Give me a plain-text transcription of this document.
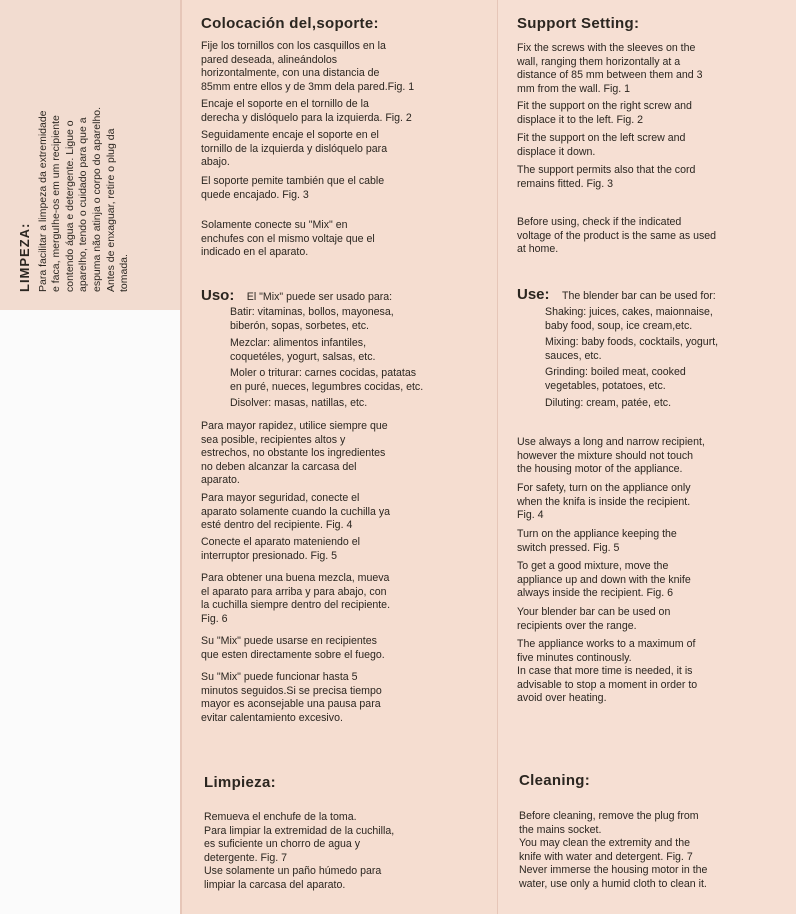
LIMPEZA: Para facilitar a limpeza da extremidade
e faca, merguIhe-os em um recipiente
contendo água e detergente. Ligue o
aparelho, tendo o cuidado para que a
espuma não atinja o corpo do aparelho.
Antes de enxaguar, retire o plug da
tomada.

Colocación del,soporte:
Fije los tornillos con los casquillos en la
pared deseada, alineándolos
horizontalmente, con una distancia de
85mm entre ellos y de 3mm dela pared.Fig. 1
Encaje el soporte en el tornillo de la
derecha y dislóquelo para la izquierda. Fig. 2
Seguidamente encaje el soporte en el
tornillo de la izquierda y dislóquelo para
abajo.
El soporte pemite también que el cable
quede encajado. Fig. 3
Solamente conecte su "Mix" en
enchufes con el mismo voltaje que el
indicado en el aparato.
Uso: El "Mix" puede ser usado para:
Batir: vitaminas, bollos, mayonesa,
biberón, sopas, sorbetes, etc.
Mezclar: alimentos infantiles,
coquetéles, yogurt, salsas, etc.
Moler o triturar: carnes cocidas, patatas
en puré, nueces, legumbres cocidas, etc.
Disolver: masas, natillas, etc.
Para mayor rapidez, utilice siempre que
sea posible, recipientes altos y
estrechos, no obstante los ingredientes
no deben alcanzar la carcasa del
aparato.
Para mayor seguridad, conecte el
aparato solamente cuando la cuchilla ya
esté dentro del recipiente. Fig. 4
Conecte el aparato mateniendo el
interruptor presionado. Fig. 5
Para obtener una buena mezcla, mueva
el aparato para arriba y para abajo, con
la cuchilla siempre dentro del recipiente.
Fig. 6
Su "Mix" puede usarse en recipientes
que esten directamente sobre el fuego.
Su "Mix" puede funcionar hasta 5
minutos seguidos.Si se precisa tiempo
mayor es aconsejable una pausa para
evitar calentamiento excesivo.
Limpieza:
Remueva el enchufe de la toma.
Para limpiar la extremidad de la cuchilla,
es suficiente un chorro de agua y
detergente. Fig. 7
Use solamente un paño húmedo para
limpiar la carcasa del aparato.
Support Setting:
Fix the screws with the sleeves on the
wall, ranging them horizontally at a
distance of 85 mm between them and 3
mm from the wall. Fig. 1
Fit the support on the right screw and
displace it to the left. Fig. 2
Fit the support on the left screw and
displace it down.
The support permits also that the cord
remains fitted. Fig. 3
Before using, check if the indicated
voltage of the product is the same as used
at home.
Use: The blender bar can be used for:
Shaking: juices, cakes, maionnaise,
baby food, soup, ice cream,etc.
Mixing: baby foods, cocktails, yogurt,
sauces, etc.
Grinding: boiled meat, cooked
vegetables, potatoes, etc.
Diluting: cream, patée, etc.
Use always a long and narrow recipient,
however the mixture should not touch
the housing motor of the appliance.
For safety, turn on the appliance only
when the knifa is inside the recipient.
Fig. 4
Turn on the appliance keeping the
switch pressed. Fig. 5
To get a good mixture, move the
appliance up and down with the knife
always inside the recipient. Fig. 6
Your blender bar can be used on
recipients over the range.
The appliance works to a maximum of
five minutes continously.
In case that more time is needed, it is
advisable to stop a moment in order to
avoid over heating.
Cleaning:
Before cleaning, remove the plug from
the mains socket.
You may clean the extremity and the
knife with water and detergent. Fig. 7
Never immerse the housing motor in the
water, use only a humid cloth to clean it.
